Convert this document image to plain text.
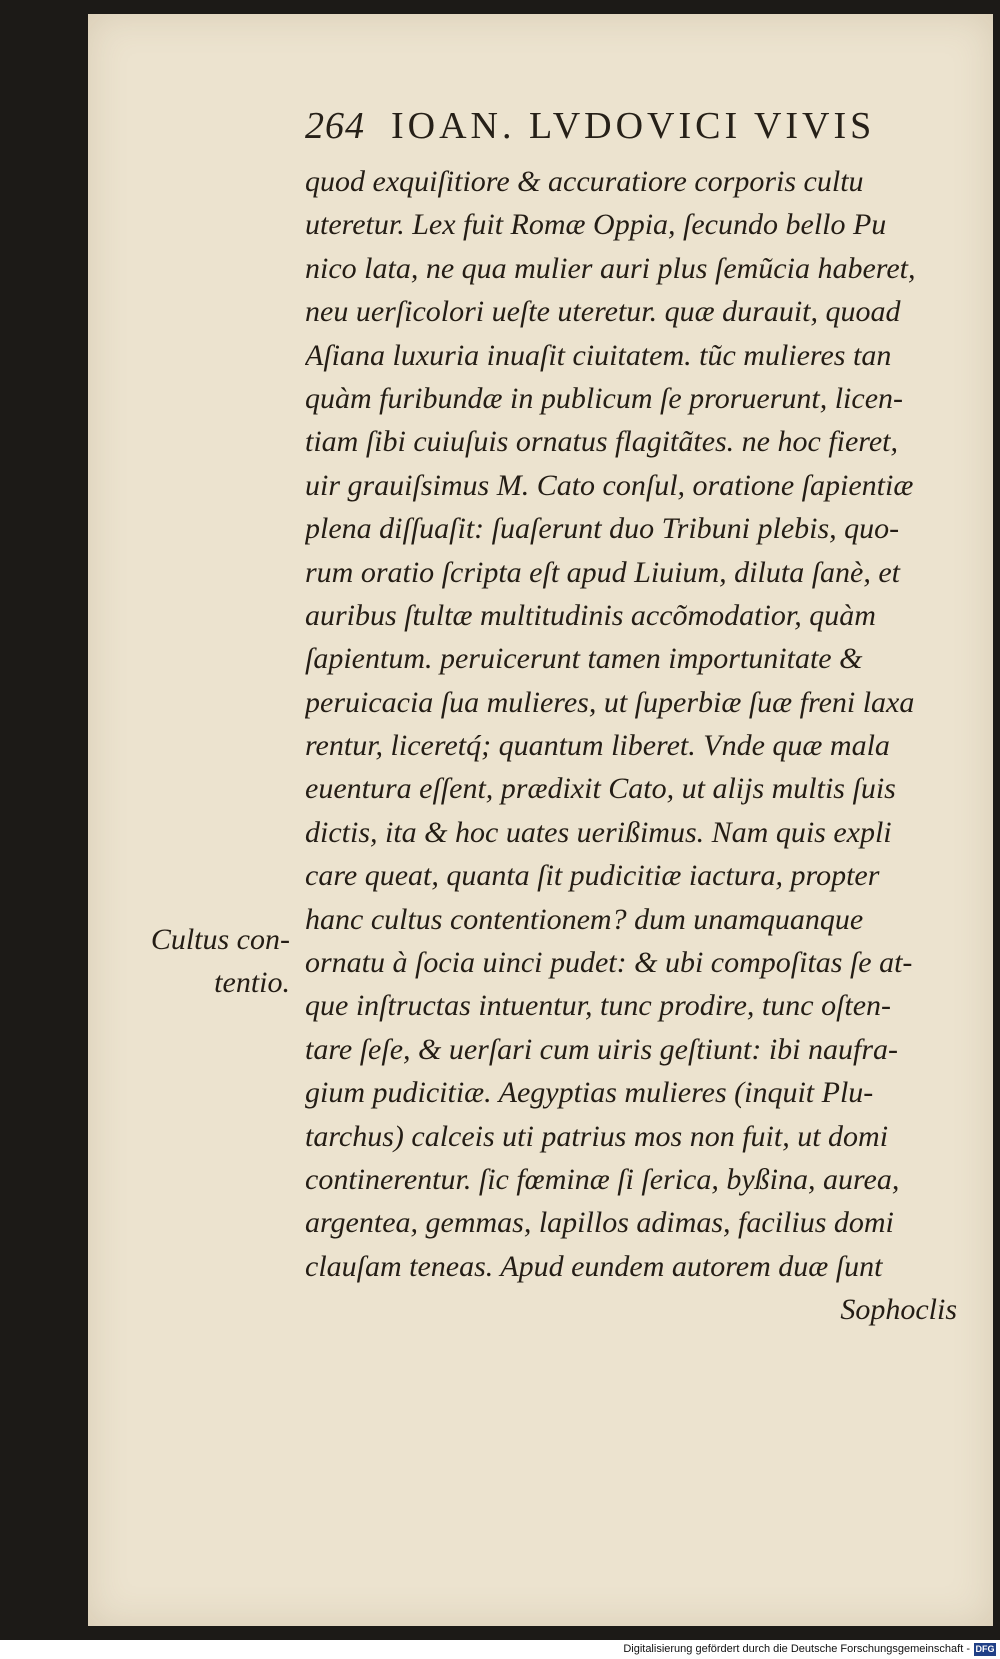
264 IOAN. LVDOVICI VIVIS
quod exquiſitiore & accuratiore corporis cultu
uteretur. Lex fuit Romæ Oppia, ſecundo bello Pu
nico lata, ne qua mulier auri plus ſemũcia haberet,
neu uerſicolori ueſte uteretur. quæ durauit, quoad
Aſiana luxuria inuaſit ciuitatem. tũc mulieres tan
quàm furibundæ in publicum ſe proruerunt, licen-
tiam ſibi cuiuſuis ornatus flagitãtes. ne hoc fieret,
uir grauiſsimus M. Cato conſul, oratione ſapientiæ
plena diſſuaſit: ſuaſerunt duo Tribuni plebis, quo-
rum oratio ſcripta eſt apud Liuium, diluta ſanè, et
auribus ſtultæ multitudinis accõmodatior, quàm
ſapientum. peruicerunt tamen importunitate &
peruicacia ſua mulieres, ut ſuperbiæ ſuæ freni laxa
rentur, liceretq́; quantum liberet. Vnde quæ mala
euentura eſſent, prædixit Cato, ut alijs multis ſuis
dictis, ita & hoc uates uerißimus. Nam quis expli
care queat, quanta ſit pudicitiæ iactura, propter
hanc cultus contentionem? dum unamquanque
ornatu à ſocia uinci pudet: & ubi compoſitas ſe at-
que inſtructas intuentur, tunc prodire, tunc oſten-
tare ſeſe, & uerſari cum uiris geſtiunt: ibi naufra-
gium pudicitiæ. Aegyptias mulieres (inquit Plu-
tarchus) calceis uti patrius mos non fuit, ut domi
continerentur. ſic fœminæ ſi ſerica, byßina, aurea,
argentea, gemmas, lapillos adimas, facilius domi
clauſam teneas. Apud eundem autorem duæ ſunt
Sophoclis
Cultus con-
tentio.
Digitalisierung gefördert durch die Deutsche Forschungsgemeinschaft - DFG
